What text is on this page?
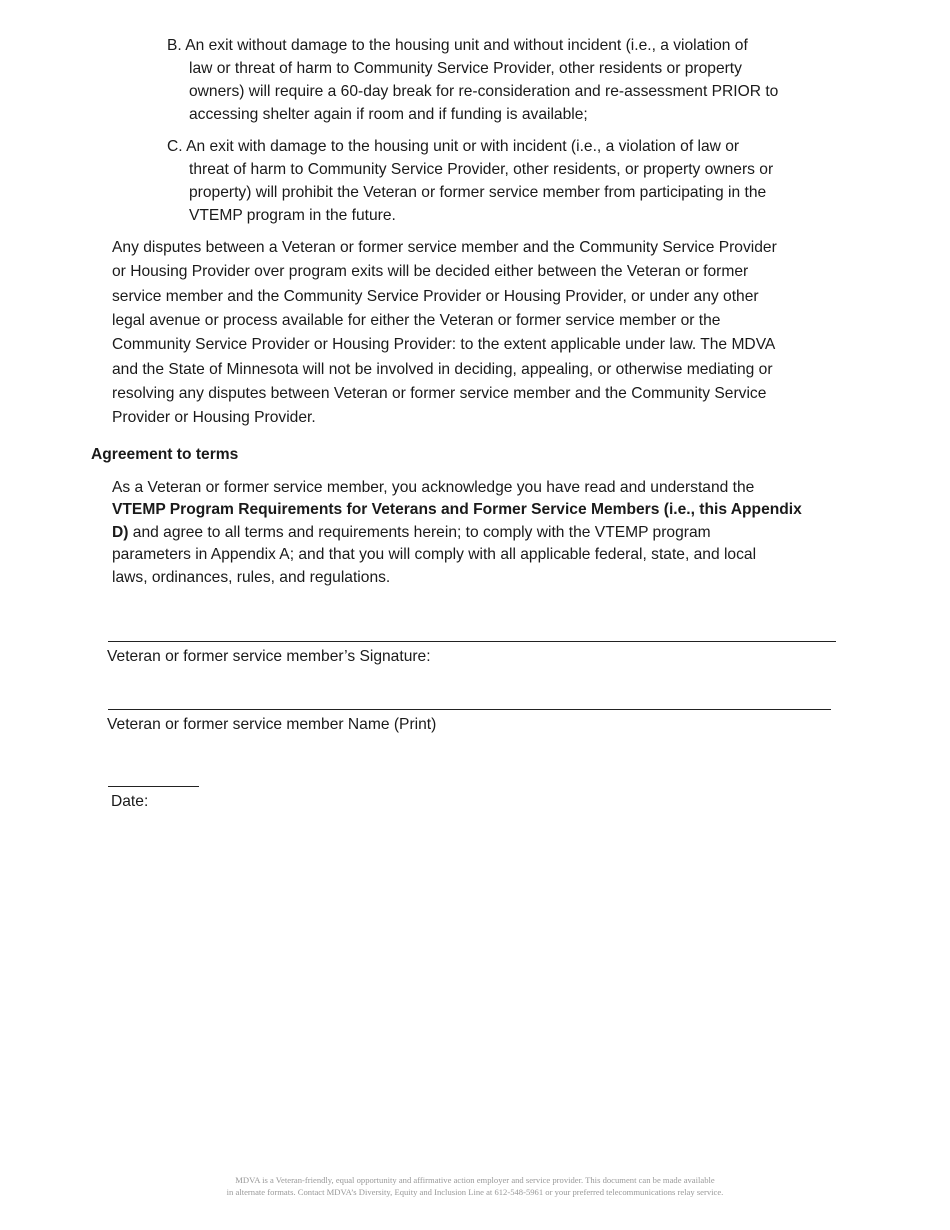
B. An exit without damage to the housing unit and without incident (i.e., a violation of
law or threat of harm to Community Service Provider, other residents or property
owners) will require a 60-day break for re-consideration and re-assessment PRIOR to
accessing shelter again if room and if funding is available;
C. An exit with damage to the housing unit or with incident (i.e., a violation of law or
threat of harm to Community Service Provider, other residents, or property owners or
property) will prohibit the Veteran or former service member from participating in the
VTEMP program in the future.
Any disputes between a Veteran or former service member and the Community Service Provider
or Housing Provider over program exits will be decided either between the Veteran or former
service member and the Community Service Provider or Housing Provider, or under any other
legal avenue or process available for either the Veteran or former service member or the
Community Service Provider or Housing Provider: to the extent applicable under law. The MDVA
and the State of Minnesota will not be involved in deciding, appealing, or otherwise mediating or
resolving any disputes between Veteran or former service member and the Community Service
Provider or Housing Provider.
Agreement to terms
As a Veteran or former service member, you acknowledge you have read and understand the
VTEMP Program Requirements for Veterans and Former Service Members (i.e., this Appendix
D) and agree to all terms and requirements herein; to comply with the VTEMP program
parameters in Appendix A; and that you will comply with all applicable federal, state, and local
laws, ordinances, rules, and regulations.
Veteran or former service member’s Signature:
Veteran or former service member Name (Print)
Date:
MDVA is a Veteran-friendly, equal opportunity and affirmative action employer and service provider. This document can be made available
in alternate formats. Contact MDVA’s Diversity, Equity and Inclusion Line at 612-548-5961 or your preferred telecommunications relay service.
